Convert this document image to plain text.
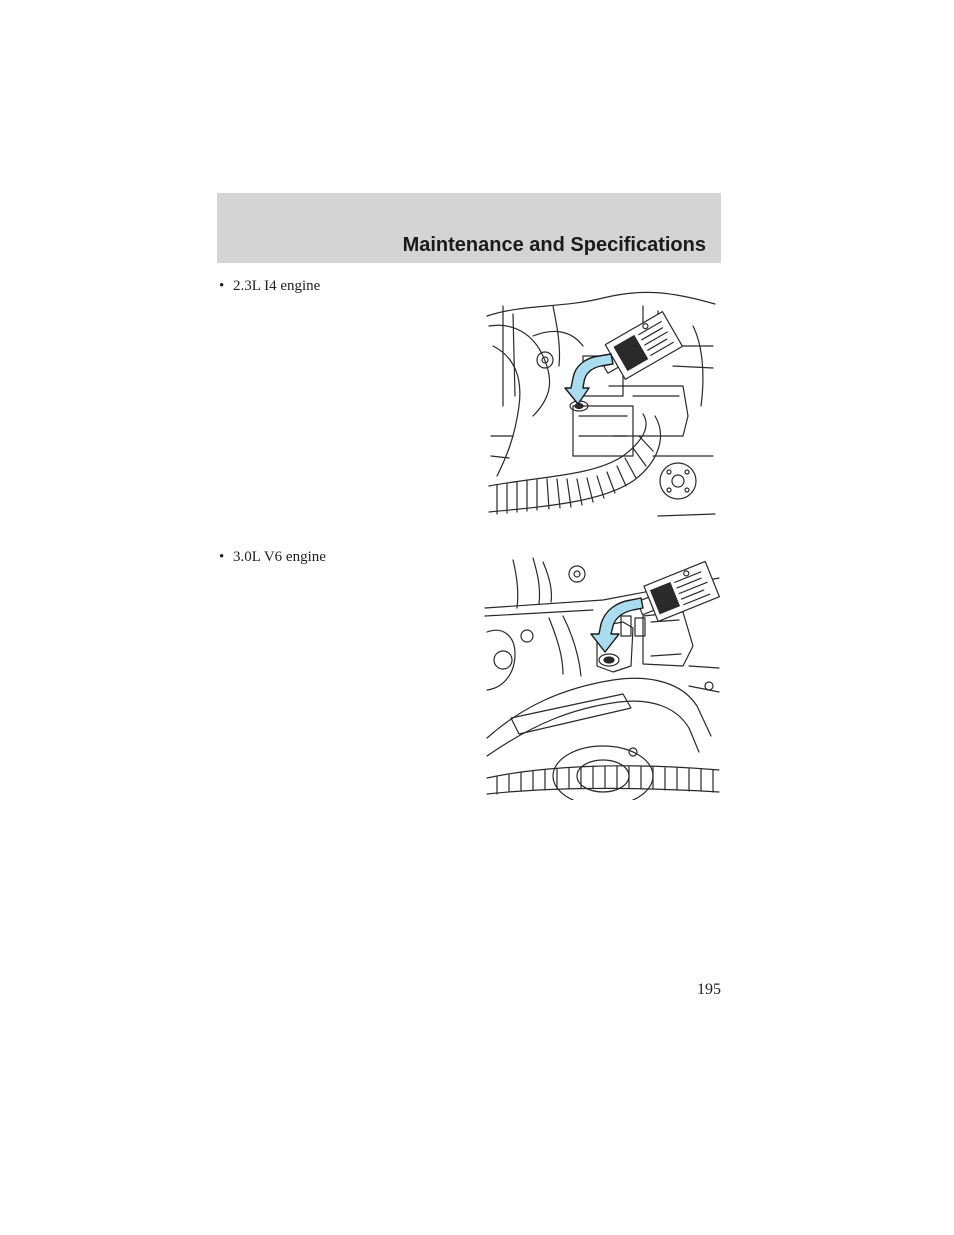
Maintenance and Specifications
• 2.3L I4 engine
• 3.0L V6 engine
195
